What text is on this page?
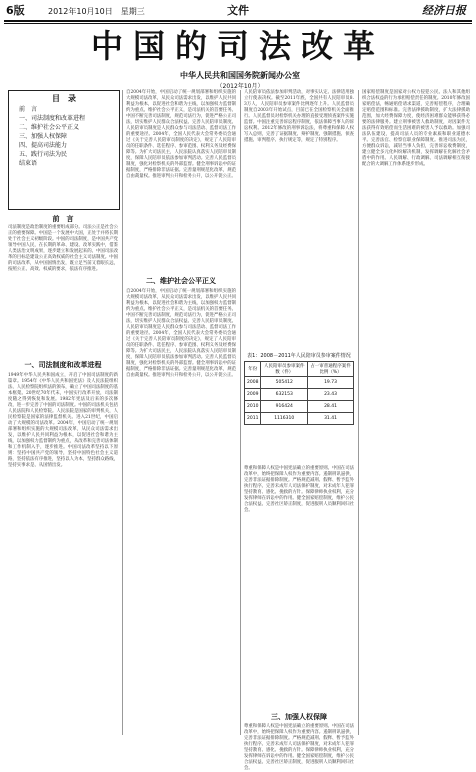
6版	2012年10月10日　星期三	文件	经济日报
中国的司法改革
中华人民共和国国务院新闻办公室
（2012年10月）
目　录
前　言
一、司法制度和改革进程
二、维护社会公平正义
三、加强人权保障
四、提高司法能力
五、践行司法为民
结束语
前　言
司法制度是政治制度的重要组成部分。司法公正是社会公正的重要保障。中国是一个发展中大国，正处于并将长期处于社会主义初级阶段。中国的司法制度，是中国共产党领导中国人民，在长期的革命、建设、改革实践中，借鉴人类法治文明成果，逐步建立和发展起来的。中国司法改革的目标是建设公正高效权威的社会主义司法制度。中国的司法改革，从中国国情出发，既立足当前又着眼长远，按照公正、高效、权威的要求，依法有序推进。
一、司法制度和改革进程
1949年中华人民共和国成立，开启了中国司法制度的新篇章。1954年《中华人民共和国宪法》及人民法院组织法、人民检察院组织法的颁布，确立了中国司法制度的基本框架。20世纪70年代末，中国实行改革开放，司法制度随之得到恢复和发展。1982年宪法及后来的多次修改，进一步完善了中国的司法制度。中国的司法机关包括人民法院和人民检察院。人民法院是国家的审判机关，人民检察院是国家的法律监督机关。进入21世纪，中国启动了大规模的司法改革。2004年，中国启动了统一规划部署和组织实施的大规模司法改革，从民众司法需求出发，以维护人民共同利益为根本，以促进社会和谐为主线，以加强权力监督制约为重点，从改革和完善司法体制和工作机制入手，逐步推进。中国司法改革坚持以下原则：坚持中国共产党的领导，坚持中国特色社会主义道路，坚持依法有序推进，坚持以人为本，坚持群众路线，坚持实事求是、从国情出发。
自2004年开始，中国启动了统一规划部署和组织实施的大规模司法改革，从民众司法需求出发，以维护人民共同利益为根本，以促进社会和谐为主线，以加强权力监督制约为重点。维护社会公平正义，是司法机关的首要任务。中国不断完善司法制度，规范司法行为，促进严格公正司法，切实维护人民群众合法权益。完善人民陪审员制度。人民陪审员制度是人民群众参与司法活动、监督司法工作的重要途径。2004年，全国人民代表大会常务委员会通过《关于完善人民陪审员制度的决定》，规定了人民陪审员的任职条件、选任程序、参审范围、权利义务及经费保障等。为扩大司法民主，人民法院认真落实人民陪审员制度，保障人民陪审员依法参加审判活动。完善人民监督员制度，强化对检察机关的外部监督。健全刑事诉讼中的证据制度，严格排除非法证据。完善量刑规范化改革，规范自由裁量权。推进审判公开和检务公开，以公开促公正。
二、维护社会公平正义
自2004年开始，中国启动了统一规划部署和组织实施的大规模司法改革，从民众司法需求出发，以维护人民共同利益为根本，以促进社会和谐为主线，以加强权力监督制约为重点。维护社会公平正义，是司法机关的首要任务。中国不断完善司法制度，规范司法行为，促进严格公正司法，切实维护人民群众合法权益。完善人民陪审员制度。人民陪审员制度是人民群众参与司法活动、监督司法工作的重要途径。2004年，全国人民代表大会常务委员会通过《关于完善人民陪审员制度的决定》，规定了人民陪审员的任职条件、选任程序、参审范围、权利义务及经费保障等。为扩大司法民主，人民法院认真落实人民陪审员制度，保障人民陪审员依法参加审判活动。完善人民监督员制度，强化对检察机关的外部监督。健全刑事诉讼中的证据制度，严格排除非法证据。完善量刑规范化改革，规范自由裁量权。推进审判公开和检务公开，以公开促公正。
人民陪审员依法参加审判活动，对事实认定、法律适用独立行使表决权。截至2011年底，全国共有人民陪审员8.3万人，人民陪审员参审案件比例逐年上升。人民监督员制度自2003年开始试点，目前已在全国检察机关全面推行。人民监督员对检察机关办理的直接受理侦查案件实施监督。中国注重完善诉讼程序制度，依法保障当事人的诉讼权利。2012年修改的刑事诉讼法，将尊重和保障人权写入总则，完善了证据制度、辩护制度、强制措施、侦查措施、审判程序、执行规定等，规定了特别程序。
表1：2008－2011年人民陪审员参审案件情况
年份	人民陪审员参审案件数（件）	占一审普通程序案件比例（%）
2008	505412	19.73
2009	632153	23.43
2010	916424	28.41
2011	1116310	31.41
尊重和保障人权是中国宪法确立的重要原则。中国在司法改革中，始终把保障人权作为重要内容。遏制刑讯逼供，完善非法证据排除制度。严格规范减刑、假释、暂予监外执行程序。完善未成年人司法保护制度，对未成年人犯罪坚持教育、感化、挽救的方针。保障律师执业权利，充分发挥律师在诉讼中的作用。健全国家赔偿制度，维护公民合法权益。完善社区矫正制度，促进服刑人员顺利回归社会。
三、加强人权保障
尊重和保障人权是中国宪法确立的重要原则。中国在司法改革中，始终把保障人权作为重要内容。遏制刑讯逼供，完善非法证据排除制度。严格规范减刑、假释、暂予监外执行程序。完善未成年人司法保护制度，对未成年人犯罪坚持教育、感化、挽救的方针。保障律师执业权利，充分发挥律师在诉讼中的作用。健全国家赔偿制度，维护公民合法权益。完善社区矫正制度，促进服刑人员顺利回归社会。
国家赔偿制度是国家对公权力侵犯公民、法人和其他组织合法权益的行为承担赔偿责任的制度。2010年修改国家赔偿法，畅通赔偿请求渠道，完善赔偿程序，合理确定赔偿范围和标准。完善法律援助制度，扩大法律援助范围，加大经费保障力度，使经济困难群众能够获得必要的法律服务。建立刑事被害人救助制度，对因案件无法获得有效赔偿而生活困难的被害人予以救助。加强司法队伍建设，提高司法人员的专业素质和职业道德水平。完善法官、检察官职业保障制度。推进司法为民，方便群众诉讼，减轻当事人负担，完善诉讼收费制度，建立健全多元化纠纷解决机制，发挥调解在化解社会矛盾中的作用。人民调解、行政调解、司法调解相互衔接配合的大调解工作体系逐步形成。
